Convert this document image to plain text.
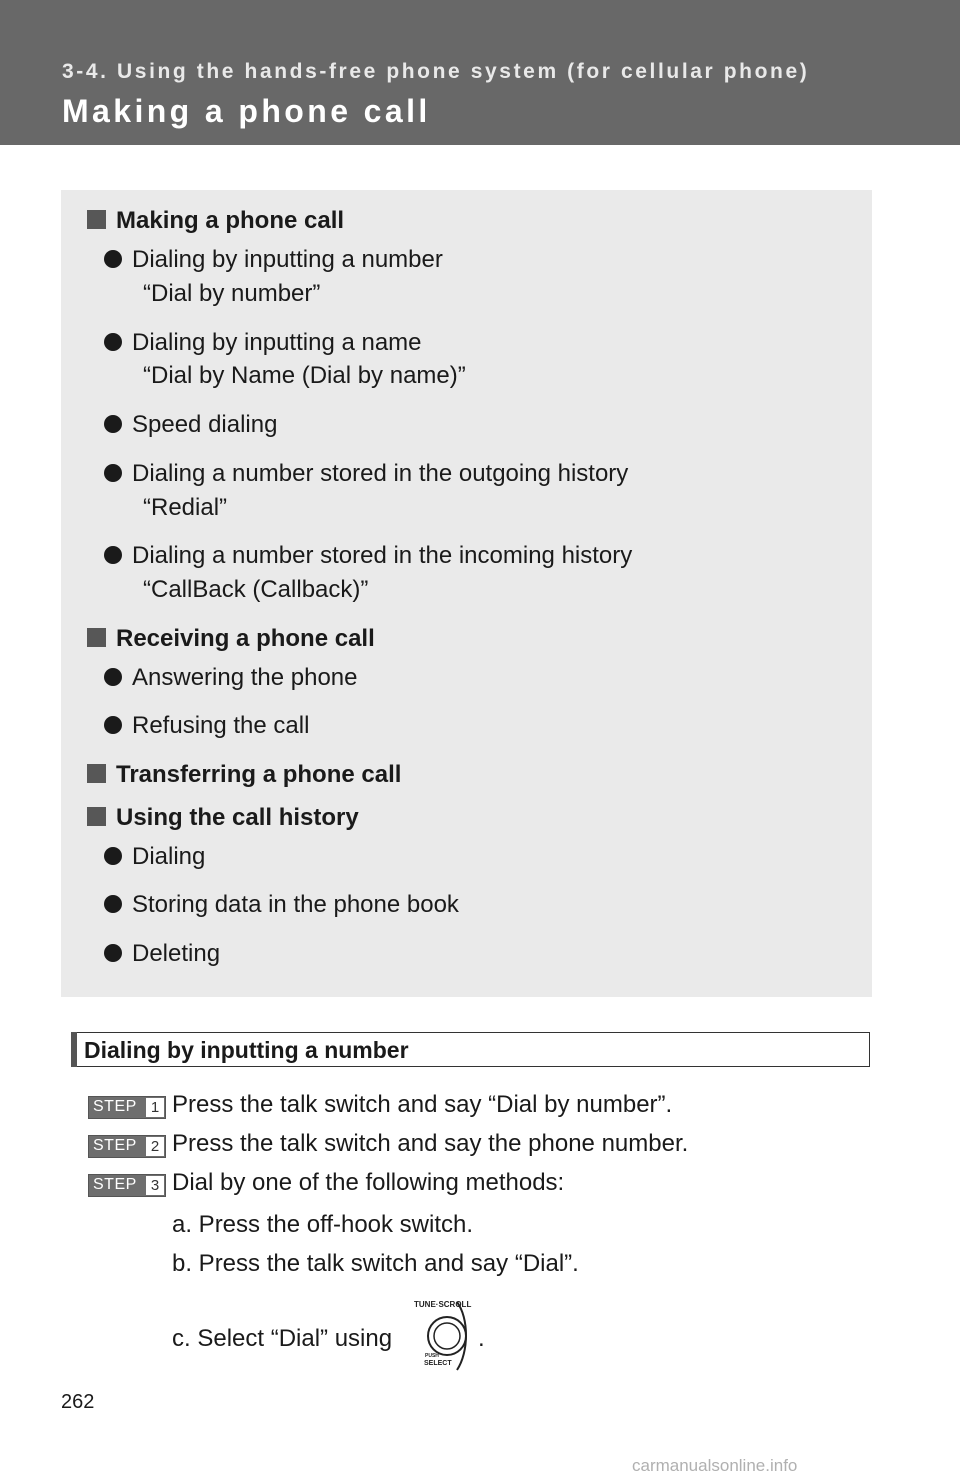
3-4. Using the hands-free phone system (for cellular phone)
Making a phone call
Making a phone call
Dialing by inputting a number
“Dial by number”
Dialing by inputting a name
“Dial by Name (Dial by name)”
Speed dialing
Dialing a number stored in the outgoing history
“Redial”
Dialing a number stored in the incoming history
“CallBack (Callback)”
Receiving a phone call
Answering the phone
Refusing the call
Transferring a phone call
Using the call history
Dialing
Storing data in the phone book
Deleting
Dialing by inputting a number
STEP 1 Press the talk switch and say “Dial by number”.
STEP 2 Press the talk switch and say the phone number.
STEP 3 Dial by one of the following methods:
a. Press the off-hook switch.
b. Press the talk switch and say “Dial”.
c. Select “Dial” using	.
TUNE·SCROLL
PUSH
SELECT
262
carmanualsonline.info
